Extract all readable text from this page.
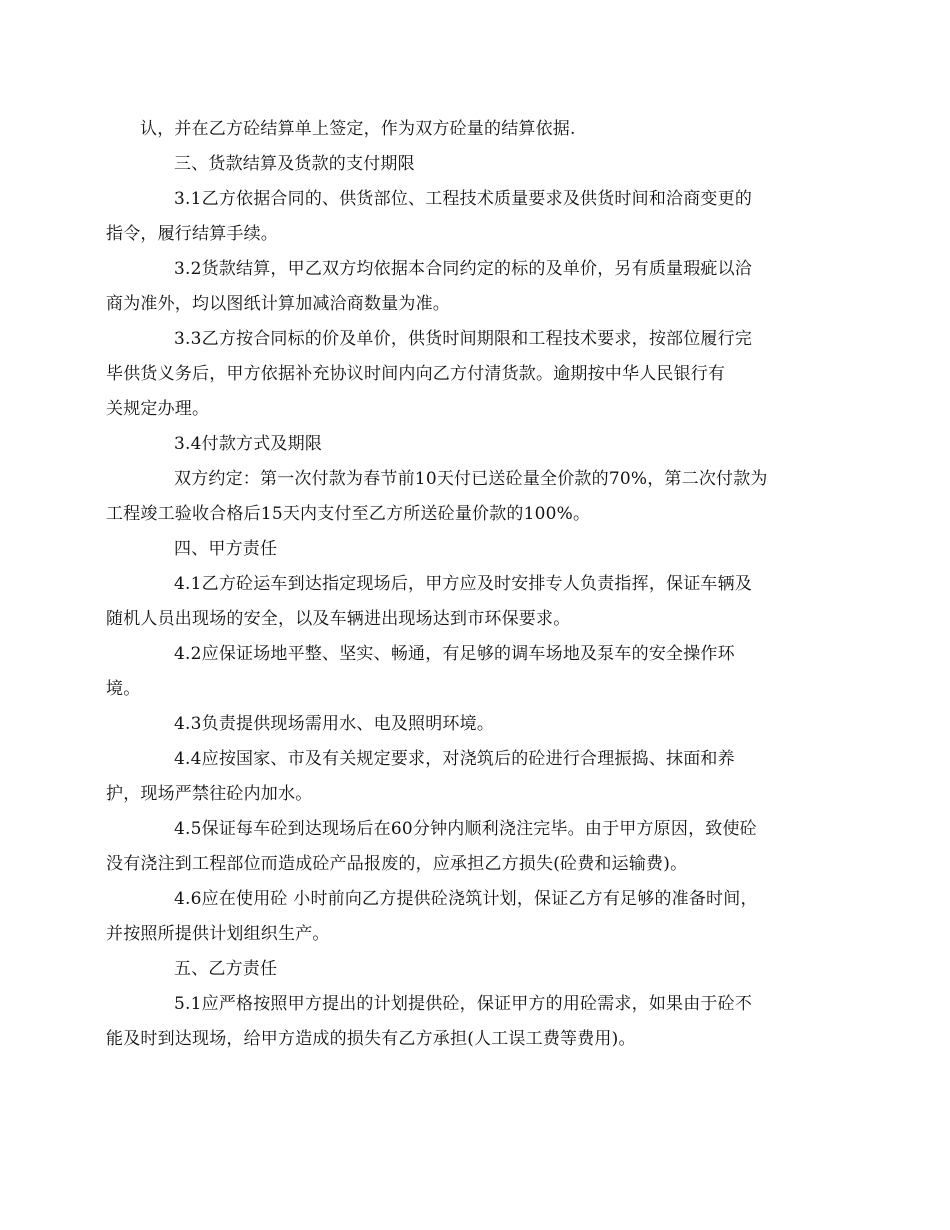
认，并在乙方砼结算单上签定，作为双方砼量的结算依据.
三、货款结算及货款的支付期限
3.1乙方依据合同的、供货部位、工程技术质量要求及供货时间和洽商变更的
指令，履行结算手续。
3.2货款结算，甲乙双方均依据本合同约定的标的及单价，另有质量瑕疵以洽
商为准外，均以图纸计算加减洽商数量为准。
3.3乙方按合同标的价及单价，供货时间期限和工程技术要求，按部位履行完
毕供货义务后，甲方依据补充协议时间内向乙方付清货款。逾期按中华人民银行有
关规定办理。
3.4付款方式及期限
双方约定：第一次付款为春节前10天付已送砼量全价款的70%，第二次付款为
工程竣工验收合格后15天内支付至乙方所送砼量价款的100%。
四、甲方责任
4.1乙方砼运车到达指定现场后，甲方应及时安排专人负责指挥，保证车辆及
随机人员出现场的安全，以及车辆进出现场达到市环保要求。
4.2应保证场地平整、坚实、畅通，有足够的调车场地及泵车的安全操作环
境。
4.3负责提供现场需用水、电及照明环境。
4.4应按国家、市及有关规定要求，对浇筑后的砼进行合理振捣、抹面和养
护，现场严禁往砼内加水。
4.5保证每车砼到达现场后在60分钟内顺利浇注完毕。由于甲方原因，致使砼
没有浇注到工程部位而造成砼产品报废的，应承担乙方损失(砼费和运输费)。
4.6应在使用砼 小时前向乙方提供砼浇筑计划，保证乙方有足够的准备时间，
并按照所提供计划组织生产。
五、乙方责任
5.1应严格按照甲方提出的计划提供砼，保证甲方的用砼需求，如果由于砼不
能及时到达现场，给甲方造成的损失有乙方承担(人工误工费等费用)。
